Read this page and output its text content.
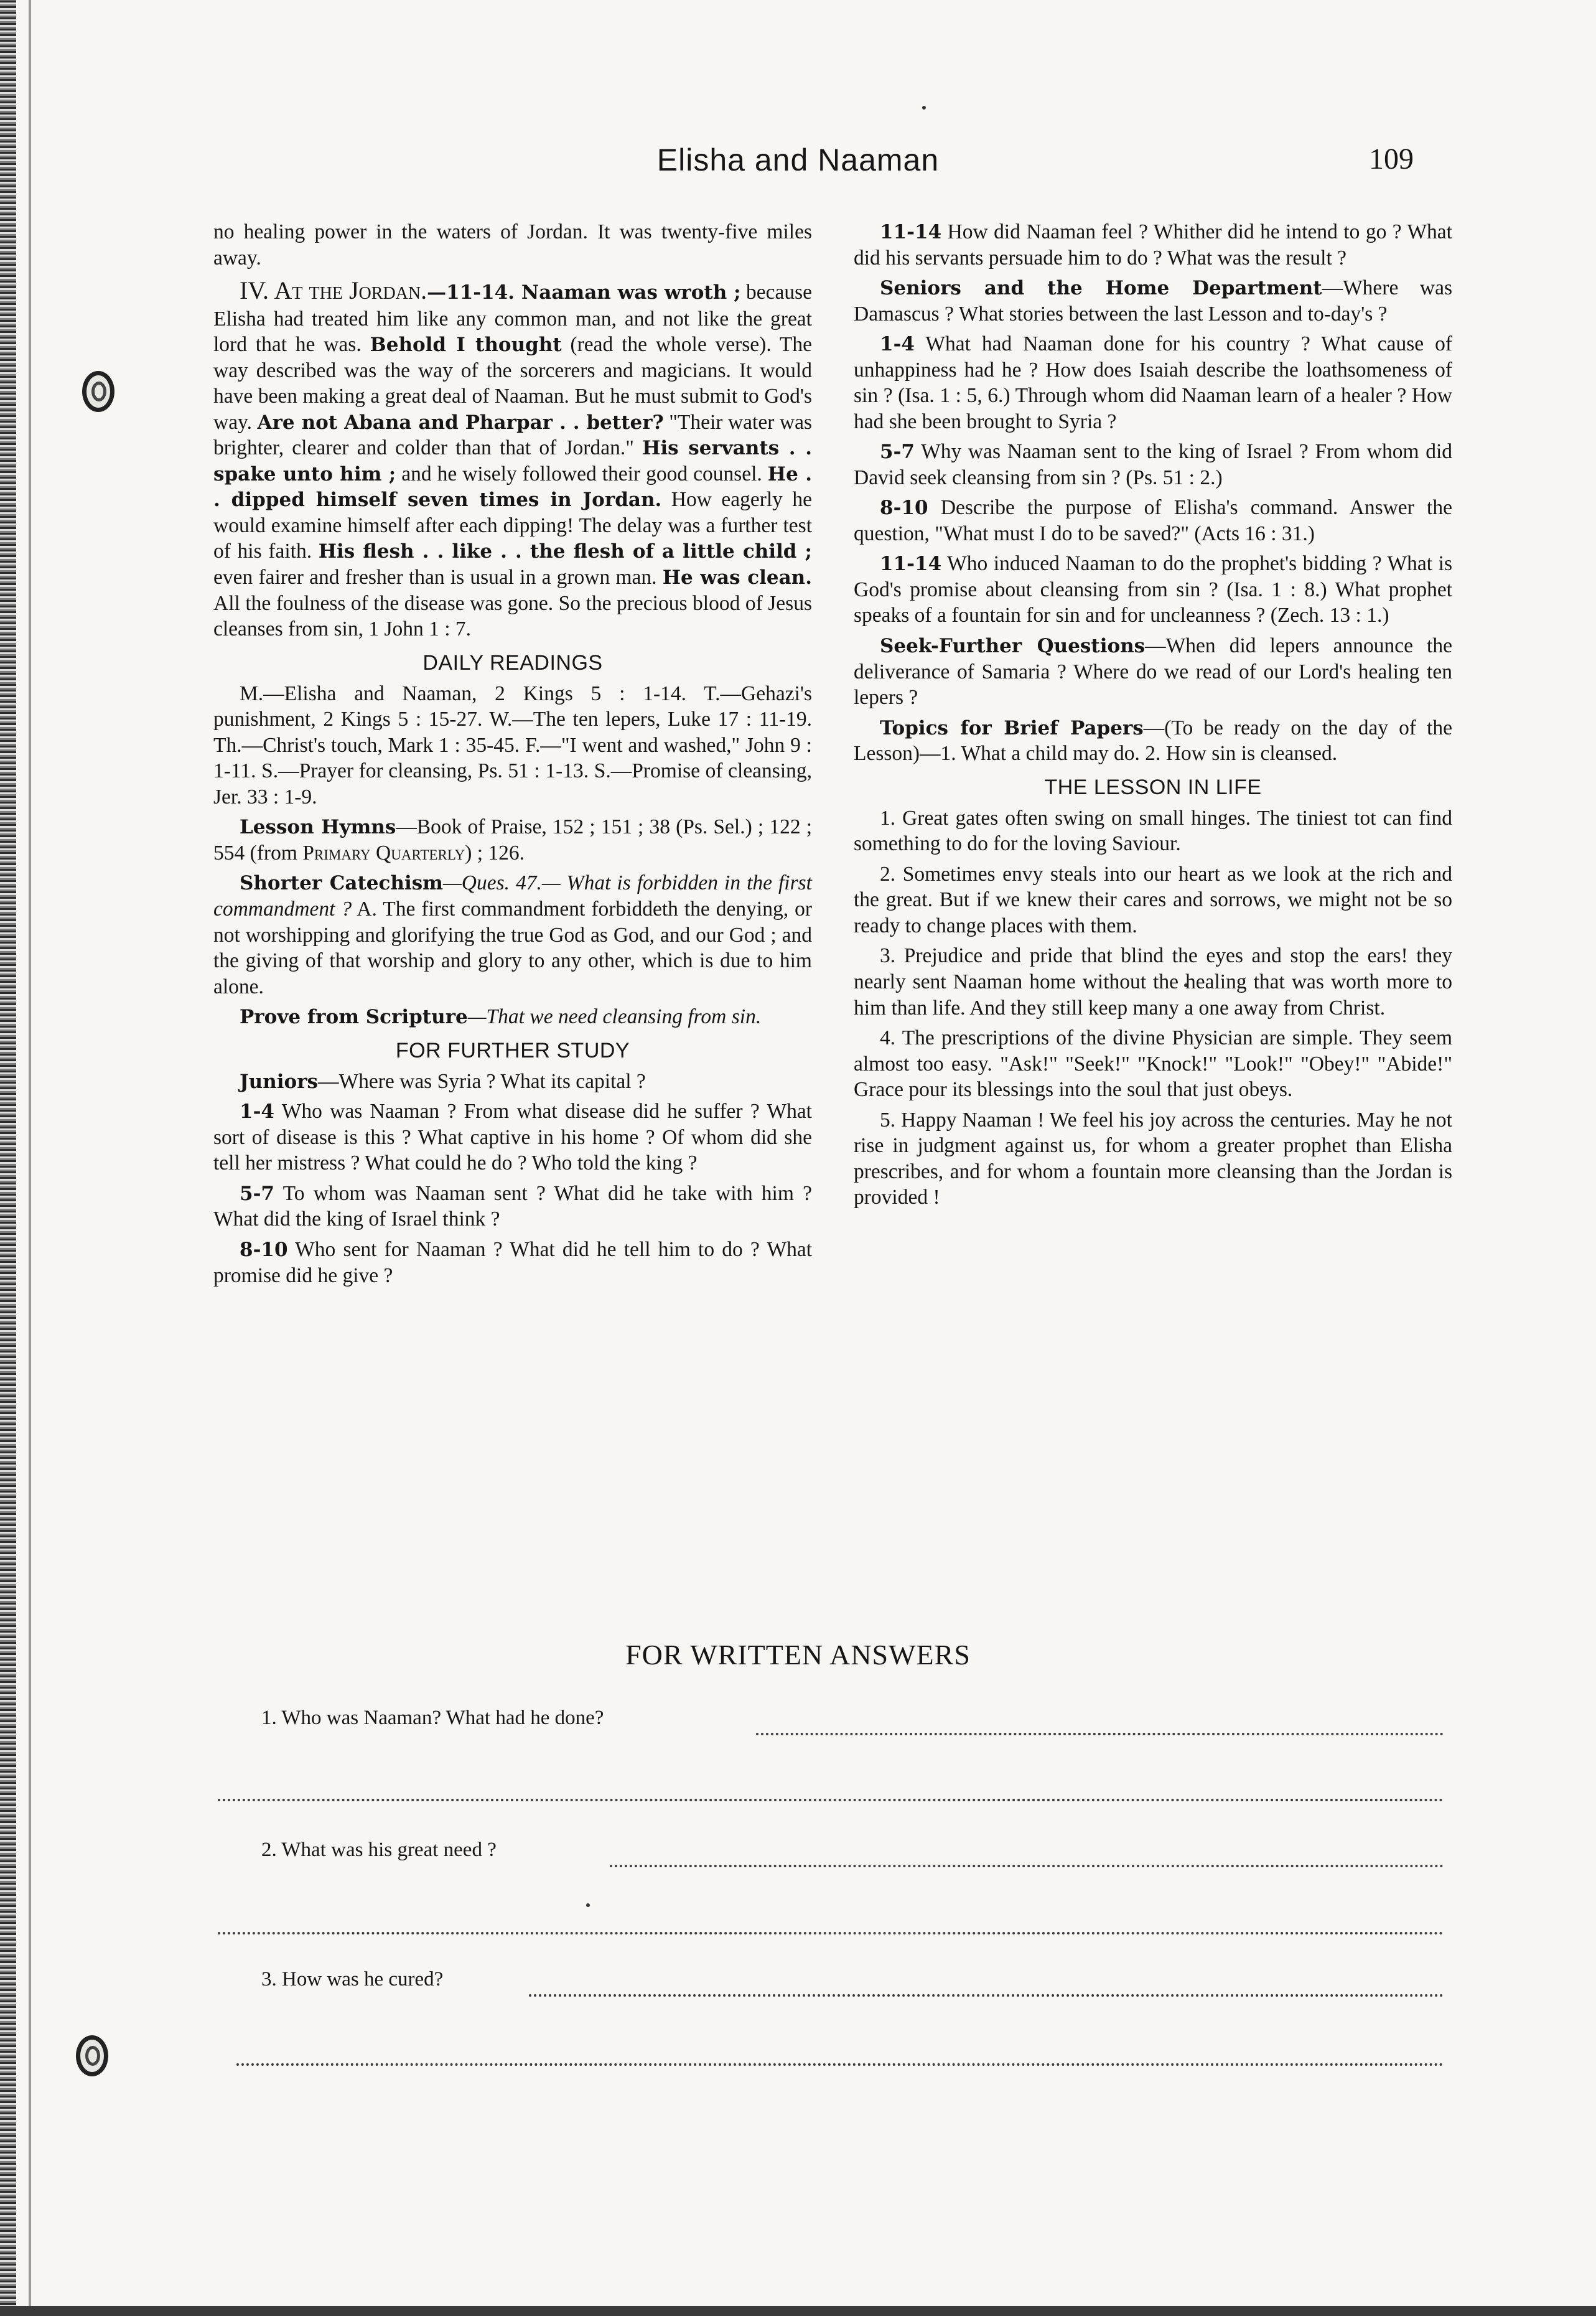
Elisha and Naaman	109

no healing power in the waters of Jordan. It was twenty-five miles away.

IV. At the Jordan.—11-14. Naaman was wroth ; because Elisha had treated him like any common man, and not like the great lord that he was. Behold I thought (read the whole verse). The way described was the way of the sorcerers and magicians. It would have been making a great deal of Naaman. But he must submit to God's way. Are not Abana and Pharpar . . better? "Their water was brighter, clearer and colder than that of Jordan." His servants . . spake unto him ; and he wisely followed their good counsel. He . . dipped himself seven times in Jordan. How eagerly he would examine himself after each dipping! The delay was a further test of his faith. His flesh . . like . . the flesh of a little child ; even fairer and fresher than is usual in a grown man. He was clean. All the foulness of the disease was gone. So the precious blood of Jesus cleanses from sin, 1 John 1 : 7.

DAILY READINGS

M.—Elisha and Naaman, 2 Kings 5 : 1-14. T.—Gehazi's punishment, 2 Kings 5 : 15-27. W.—The ten lepers, Luke 17 : 11-19. Th.—Christ's touch, Mark 1 : 35-45. F.—"I went and washed," John 9 : 1-11. S.—Prayer for cleansing, Ps. 51 : 1-13. S.—Promise of cleansing, Jer. 33 : 1-9.

Lesson Hymns—Book of Praise, 152 ; 151 ; 38 (Ps. Sel.) ; 122 ; 554 (from Primary Quarterly) ; 126.

Shorter Catechism—Ques. 47.— What is forbidden in the first commandment ? A. The first commandment forbiddeth the denying, or not worshipping and glorifying the true God as God, and our God ; and the giving of that worship and glory to any other, which is due to him alone.

Prove from Scripture—That we need cleansing from sin.

FOR FURTHER STUDY

Juniors—Where was Syria ? What its capital ?

1-4 Who was Naaman ? From what disease did he suffer ? What sort of disease is this ? What captive in his home ? Of whom did she tell her mistress ? What could he do ? Who told the king ?

5-7 To whom was Naaman sent ? What did he take with him ? What did the king of Israel think ?

8-10 Who sent for Naaman ? What did he tell him to do ? What promise did he give ?

11-14 How did Naaman feel ? Whither did he intend to go ? What did his servants persuade him to do ? What was the result ?

Seniors and the Home Department—Where was Damascus ? What stories between the last Lesson and to-day's ?

1-4 What had Naaman done for his country ? What cause of unhappiness had he ? How does Isaiah describe the loathsomeness of sin ? (Isa. 1 : 5, 6.) Through whom did Naaman learn of a healer ? How had she been brought to Syria ?

5-7 Why was Naaman sent to the king of Israel ? From whom did David seek cleansing from sin ? (Ps. 51 : 2.)

8-10 Describe the purpose of Elisha's command. Answer the question, "What must I do to be saved?" (Acts 16 : 31.)

11-14 Who induced Naaman to do the prophet's bidding ? What is God's promise about cleansing from sin ? (Isa. 1 : 8.) What prophet speaks of a fountain for sin and for uncleanness ? (Zech. 13 : 1.)

Seek-Further Questions—When did lepers announce the deliverance of Samaria ? Where do we read of our Lord's healing ten lepers ?

Topics for Brief Papers—(To be ready on the day of the Lesson)—1. What a child may do. 2. How sin is cleansed.

THE LESSON IN LIFE

1. Great gates often swing on small hinges. The tiniest tot can find something to do for the loving Saviour.

2. Sometimes envy steals into our heart as we look at the rich and the great. But if we knew their cares and sorrows, we might not be so ready to change places with them.

3. Prejudice and pride that blind the eyes and stop the ears! they nearly sent Naaman home without the healing that was worth more to him than life. And they still keep many a one away from Christ.

4. The prescriptions of the divine Physician are simple. They seem almost too easy. "Ask!" "Seek!" "Knock!" "Look!" "Obey!" "Abide!" Grace pour its blessings into the soul that just obeys.

5. Happy Naaman ! We feel his joy across the centuries. May he not rise in judgment against us, for whom a greater prophet than Elisha prescribes, and for whom a fountain more cleansing than the Jordan is provided !

FOR WRITTEN ANSWERS
1. Who was Naaman? What had he done?
2. What was his great need ?
3. How was he cured?
